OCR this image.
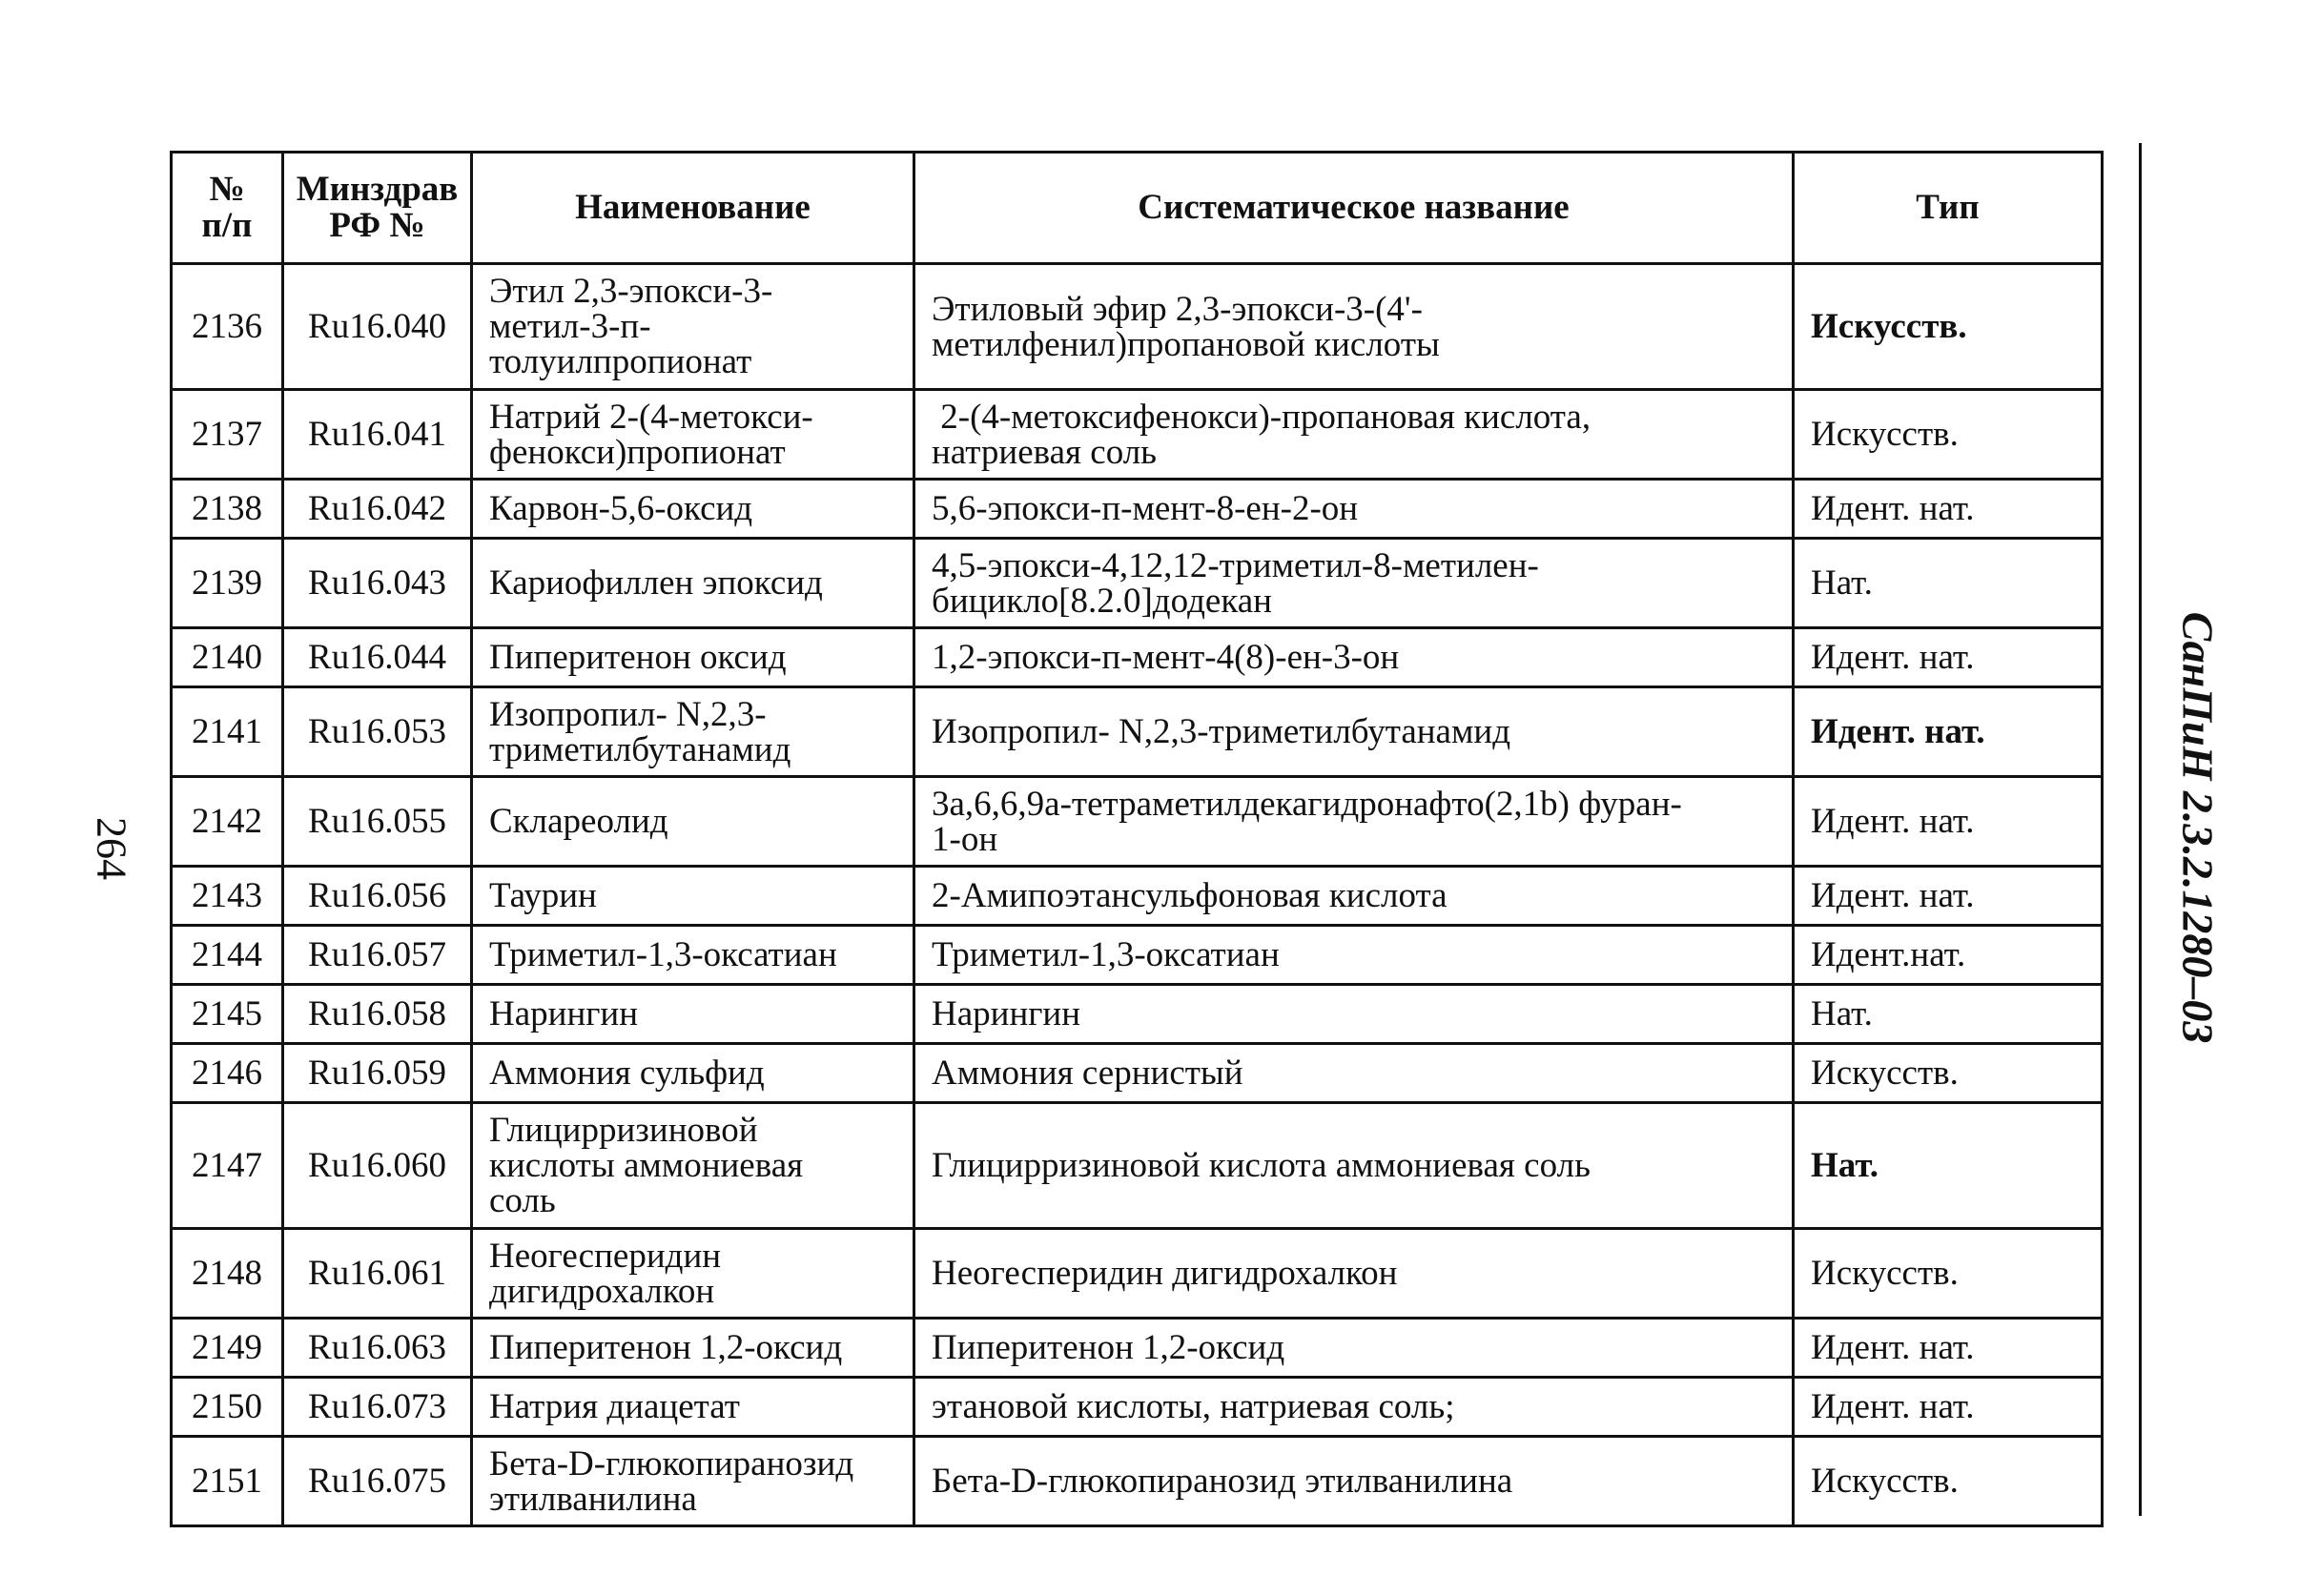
№
п/п	Минздрав
РФ №	Наименование	Систематическое название	Тип
2136	Ru16.040	Этил 2,3-эпокси-3-
метил-3-п-
толуилпропионат	Этиловый эфир 2,3-эпокси-3-(4'-
метилфенил)пропановой кислоты	Искусств.
2137	Ru16.041	Натрий 2-(4-метокси-
фенокси)пропионат	2-(4-метоксифенокси)-пропановая кислота,
натриевая соль	Искусств.
2138	Ru16.042	Карвон-5,6-оксид	5,6-эпокси-п-мент-8-ен-2-он	Идент. нат.
2139	Ru16.043	Кариофиллен эпоксид	4,5-эпокси-4,12,12-триметил-8-метилен-
бицикло[8.2.0]додекан	Нат.
2140	Ru16.044	Пиперитенон оксид	1,2-эпокси-п-мент-4(8)-ен-3-он	Идент. нат.
2141	Ru16.053	Изопропил- N,2,3-
триметилбутанамид	Изопропил- N,2,3-триметилбутанамид	Идент. нат.
2142	Ru16.055	Склареолид	3a,6,6,9a-тетраметилдекагидронафто(2,1b) фуран-
1-он	Идент. нат.
2143	Ru16.056	Таурин	2-Амипоэтансульфоновая кислота	Идент. нат.
2144	Ru16.057	Триметил-1,3-оксатиан	Триметил-1,3-оксатиан	Идент.нат.
2145	Ru16.058	Нарингин	Нарингин	Нат.
2146	Ru16.059	Аммония сульфид	Аммония сернистый	Искусств.
2147	Ru16.060	Глицирризиновой
кислоты аммониевая
соль	Глицирризиновой кислота аммониевая соль	Нат.
2148	Ru16.061	Неогесперидин
дигидрохалкон	Неогесперидин дигидрохалкон	Искусств.
2149	Ru16.063	Пиперитенон 1,2-оксид	Пиперитенон 1,2-оксид	Идент. нат.
2150	Ru16.073	Натрия диацетат	этановой кислоты, натриевая соль;	Идент. нат.
2151	Ru16.075	Бета-D-глюкопиранозид
этилванилина	Бета-D-глюкопиранозид этилванилина	Искусств.
СанПиН 2.3.2.1280–03
264
